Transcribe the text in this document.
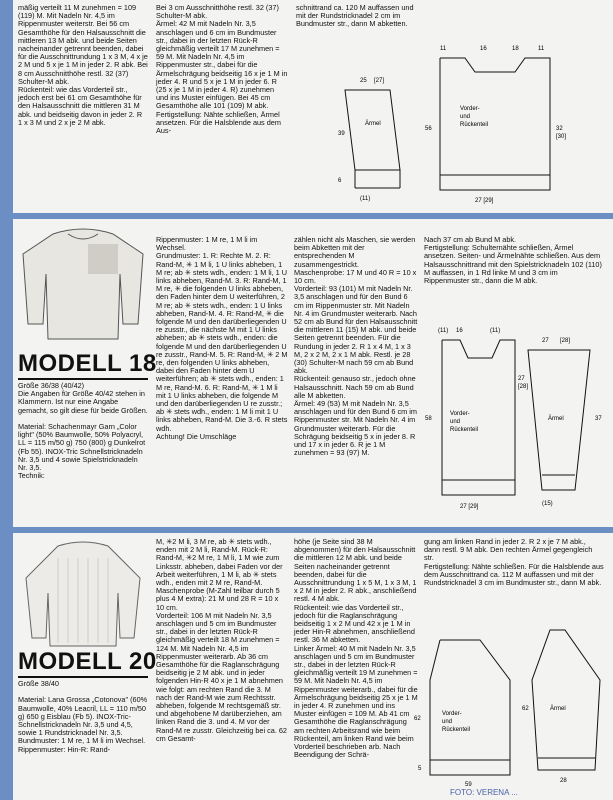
mäßig verteilt 11 M zunehmen = 109 (119) M. Mit Nadeln Nr. 4,5 im Rippenmuster weiterstr. Bei 56 cm Gesamthöhe für den Halsausschnitt die mittleren 13 M abk. und beide Seiten nacheinander getrennt beenden, dabei für die Ausschnittrundung 1 x 3 M, 4 x je 2 M und 5 x je 1 M in jeder 2. R abk. Bei 8 cm Ausschnitthöhe restl. 32 (37) Schulter-M abk.
Rückenteil: wie das Vorderteil str., jedoch erst bei 61 cm Gesamthöhe für den Halsausschnitt die mittleren 31 M abk. und beidseitig davon in jeder 2. R 1 x 3 M und 2 x je 2 M abk.
Bei 3 cm Ausschnitthöhe restl. 32 (37) Schulter-M abk.
Ärmel: 42 M mit Nadeln Nr. 3,5 anschlagen und 6 cm im Bundmuster str., dabei in der letzten Rück-R gleichmäßig verteilt 17 M zunehmen = 59 M. Mit Nadeln Nr. 4,5 im Rippenmuster str., dabei für die Ärmelschrägung beidseitig 16 x je 1 M in jeder 4. R und 5 x je 1 M in jeder 6. R (25 x je 1 M in jeder 4. R) zunehmen und ins Muster einfügen. Bei 45 cm Gesamthöhe alle 101 (109) M abk.
Fertigstellung: Nähte schließen, Ärmel ansetzen. Für die Halsblende aus dem Aus-
schnittrand ca. 120 M auffassen und mit der Rundstricknadel 2 cm im Bundmuster str., dann M abketten.
25 [27]
39
6
Ärmel
(11)
11	16	18	11
Vorder-
und
Rückenteil
56	32
[30]
27 [29]
MODELL 18
Größe 36/38 (40/42)
Die Angaben für Größe 40/42 stehen in Klammern. Ist nur eine Angabe gemacht, so gilt diese für beide Größen.

Material: Schachenmayr Garn „Color light" (50% Baumwolle, 50% Polyacryl, LL = 115 m/50 g) 750 (800) g Dunkelrot (Fb 55). INOX-Tric Schnellstricknadeln Nr. 3,5 und 4 sowie Spielstricknadeln Nr. 3,5.
Technik:
Rippenmuster: 1 M re, 1 M li im Wechsel.
Grundmuster: 1. R: Rechte M. 2. R: Rand-M, ✳ 1 M li, 1 U links abheben, 1 M re; ab ✳ stets wdh., enden: 1 M li, 1 U links abheben, Rand-M. 3. R: Rand-M, 1 M re, ✳ die folgenden U links abheben, den Faden hinter dem U weiterführen, 2 M re; ab ✳ stets wdh., enden: 1 U links abheben, Rand-M. 4. R: Rand-M, ✳ die folgende M und den darüberliegenden U re zusstr., die nächste M mit 1 U links abheben; ab ✳ stets wdh., enden: die folgende M und den darüberliegenden U re zusstr., Rand-M. 5. R: Rand-M, ✳ 2 M re, den folgenden U links abheben, dabei den Faden hinter dem U weiterführen; ab ✳ stets wdh., enden: 1 M re, Rand-M. 6. R: Rand-M, ✳ 1 M li mit 1 U links abheben, die folgende M und den darüberliegenden U re zusstr.; ab ✳ stets wdh., enden: 1 M li mit 1 U links abheben, Rand-M. Die 3.-6. R stets wdh.
Achtung! Die Umschläge
zählen nicht als Maschen, sie werden beim Abketten mit der entsprechenden M zusammengestrickt.
Maschenprobe: 17 M und 40 R = 10 x 10 cm.
Vorderteil: 93 (101) M mit Nadeln Nr. 3,5 anschlagen und für den Bund 6 cm im Rippenmuster str. Mit Nadeln Nr. 4 im Grundmuster weiterarb. Nach 52 cm ab Bund für den Halsausschnitt die mittleren 11 (15) M abk. und beide Seiten getrennt beenden. Für die Rundung in jeder 2. R 1 x 4 M, 1 x 3 M, 2 x 2 M, 2 x 1 M abk. Restl. je 28 (30) Schulter-M nach 59 cm ab Bund abk.
Rückenteil: genauso str., jedoch ohne Halsausschnitt. Nach 59 cm ab Bund alle M abketten.
Ärmel: 49 (53) M mit Nadeln Nr. 3,5 anschlagen und für den Bund 6 cm im Rippenmuster str. Mit Nadeln Nr. 4 im Grundmuster weiterarb. Für die Schrägung beidseitig 5 x in jeder 8. R und 17 x in jeder 6. R je 1 M zunehmen = 93 (97) M.
Nach 37 cm ab Bund M abk.
Fertigstellung: Schulternähte schließen, Ärmel ansetzen. Seiten- und Ärmelnähte schließen. Aus dem Halsausschnittrand mit den Spielstricknadeln 102 (110) M auffassen, in 1 Rd linke M und 3 cm im Rippenmuster str., dann die M abk.
(11) 16	(11)
Vorder-
und
Rückenteil
58
27
[28]
27 [29]
27 [28]
37
Ärmel
(15)
MODELL 20
Größe 38/40

Material: Lana Grossa „Cotonova" (60% Baumwolle, 40% Leacril, LL = 110 m/50 g) 650 g Eisblau (Fb 5). INOX-Tric-Schnellstricknadeln Nr. 3,5 und 4,5, sowie 1 Rundstricknadel Nr. 3,5.
Bundmuster: 1 M re, 1 M li im Wechsel.
Rippenmuster: Hin-R: Rand-
M, ✳2 M li, 3 M re, ab ✳ stets wdh., enden mit 2 M li, Rand-M. Rück-R: Rand-M, ✳2 M re, 1 M li, 1 M wie zum Linksstr. abheben, dabei Faden vor der Arbeit weiterführen, 1 M li, ab ✳ stets wdh., enden mit 2 M re, Rand-M.
Maschenprobe (M-Zahl teilbar durch 5 plus 4 M extra): 21 M und 28 R = 10 x 10 cm.
Vorderteil: 106 M mit Nadeln Nr. 3,5 anschlagen und 5 cm im Bundmuster str., dabei in der letzten Rück-R gleichmäßig verteilt 18 M zunehmen = 124 M. Mit Nadeln Nr. 4,5 im Rippenmuster weiterarb. Ab 36 cm Gesamthöhe für die Raglanschrägung beidseitig je 2 M abk. und in jeder folgenden Hin-R 40 x je 1 M abnehmen wie folgt: am rechten Rand die 3. M nach der Rand-M wie zum Rechtsstr. abheben, folgende M rechtsgemäß str. und abgehobene M darüberziehen, am linken Rand die 3. und 4. M vor der Rand-M re zusstr. Gleichzeitig bei ca. 62 cm Gesamt-
höhe (je Seite sind 38 M abgenommen) für den Halsausschnitt die mittleren 12 M abk. und beide Seiten nacheinander getrennt beenden, dabei für die Ausschnittrundung 1 x 5 M, 1 x 3 M, 1 x 2 M in jeder 2. R abk., anschließend restl. 4 M abk.
Rückenteil: wie das Vorderteil str., jedoch für die Raglanschrägung beidseitig 1 x 2 M und 42 x je 1 M in jeder Hin-R abnehmen, anschließend restl. 36 M abketten.
Linker Ärmel: 40 M mit Nadeln Nr. 3,5 anschlagen und 5 cm im Bundmuster str., dabei in der letzten Rück-R gleichmäßig verteilt 19 M zunehmen = 59 M. Mit Nadeln Nr. 4,5 im Rippenmuster weiterarb., dabei für die Ärmelschrägung beidseitig 25 x je 1 M in jeder 4. R zunehmen und ins Muster einfügen = 109 M. Ab 41 cm Gesamthöhe die Raglanschrägung am rechten Arbeitsrand wie beim Rückenteil, am linken Rand wie beim Vorderteil beschrieben arb. Nach Beendigung der Schrä-
gung am linken Rand in jeder 2. R 2 x je 7 M abk., dann restl. 9 M abk. Den rechten Ärmel gegengleich str.
Fertigstellung: Nähte schließen. Für die Halsblende aus dem Ausschnittrand ca. 112 M auffassen und mit der Rundstricknadel 3 cm im Bundmuster str., dann M abk.
Vorder-
und
Rückenteil
62
5
59
Ärmel
62
28
FOTO: VERENA ...
